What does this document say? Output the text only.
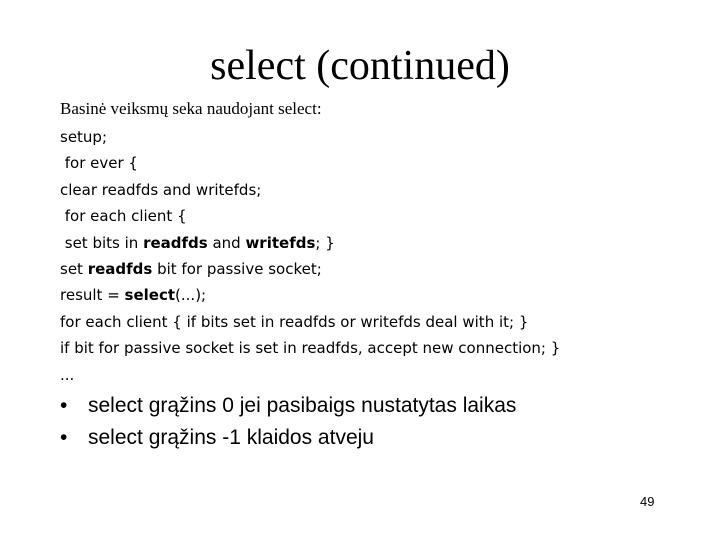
select (continued)
Basinė veiksmų seka naudojant select:
setup;
for ever {
clear readfds and writefds;
for each client {
set bits in readfds and writefds; }
set readfds bit for passive socket;
result = select(...);
for each client { if bits set in readfds or writefds deal with it; }
if bit for passive socket is set in readfds, accept new connection; }
...
• select grąžins 0 jei pasibaigs nustatytas laikas
• select grąžins -1 klaidos atveju
49
